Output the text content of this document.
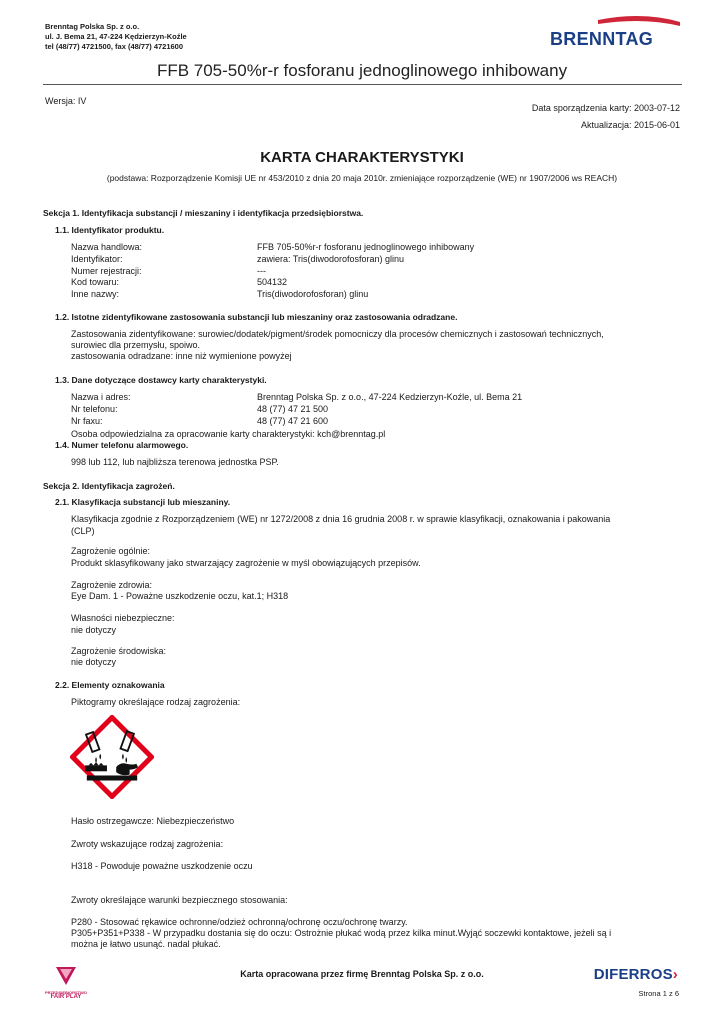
Brenntag Polska Sp. z o.o.
ul. J. Bema 21, 47-224 Kędzierzyn-Koźle
tel (48/77) 4721500, fax (48/77) 4721600	BRENNTAG
FFB 705-50%r-r fosforanu jednoglinowego inhibowany
Wersja: IV
Data sporządzenia karty: 2003-07-12
Aktualizacja: 2015-06-01
KARTA CHARAKTERYSTYKI
(podstawa: Rozporządzenie Komisji UE nr 453/2010 z dnia 20 maja 2010r. zmieniające rozporządzenie (WE) nr 1907/2006 ws REACH)
Sekcja 1. Identyfikacja substancji / mieszaniny i identyfikacja przedsiębiorstwa.
1.1. Identyfikator produktu.
Nazwa handlowa:	FFB 705-50%r-r fosforanu jednoglinowego inhibowany
Identyfikator:	zawiera: Tris(diwodorofosforan) glinu
Numer rejestracji:	---
Kod towaru:	504132
Inne nazwy:	Tris(diwodorofosforan) glinu
1.2. Istotne zidentyfikowane zastosowania substancji lub mieszaniny oraz zastosowania odradzane.
Zastosowania zidentyfikowane: surowiec/dodatek/pigment/środek pomocniczy dla procesów chemicznych i zastosowań technicznych,
surowiec dla przemysłu, spoiwo.
zastosowania odradzane: inne niż wymienione powyżej
1.3. Dane dotyczące dostawcy karty charakterystyki.
Nazwa i adres:	Brenntag Polska Sp. z o.o., 47-224 Kedzierzyn-Koźle, ul. Bema 21
Nr telefonu:	48 (77) 47 21 500
Nr faxu:	48 (77) 47 21 600
Osoba odpowiedzialna za opracowanie karty charakterystyki: kch@brenntag.pl
1.4. Numer telefonu alarmowego.
998 lub 112, lub najbliższa terenowa jednostka PSP.
Sekcja 2. Identyfikacja zagrożeń.
2.1. Klasyfikacja substancji lub mieszaniny.
Klasyfikacja zgodnie z Rozporządzeniem (WE) nr 1272/2008 z dnia 16 grudnia 2008 r. w sprawie klasyfikacji, oznakowania i pakowania
(CLP)
Zagrożenie ogólnie:
Produkt sklasyfikowany jako stwarzający zagrożenie w myśl obowiązujących przepisów.
Zagrożenie zdrowia:
Eye Dam. 1 - Poważne uszkodzenie oczu, kat.1; H318
Własności niebezpieczne:
nie dotyczy
Zagrożenie środowiska:
nie dotyczy
2.2. Elementy oznakowania
Piktogramy określające rodzaj zagrożenia:
Hasło ostrzegawcze: Niebezpieczeństwo
Zwroty wskazujące rodzaj zagrożenia:
H318 - Powoduje poważne uszkodzenie oczu
Zwroty określające warunki bezpiecznego stosowania:
P280 - Stosować rękawice ochronne/odzież ochronną/ochronę oczu/ochronę twarzy.
P305+P351+P338 - W przypadku dostania się do oczu: Ostrożnie płukać wodą przez kilka minut.Wyjąć soczewki kontaktowe, jeżeli są i
można je łatwo usunąć. nadal płukać.
PRZEDSIĘBIORSTWO
FAIR PLAY
Karta opracowana przez firmę Brenntag Polska Sp. z o.o.	DIFERROS›
Strona 1 z 6
